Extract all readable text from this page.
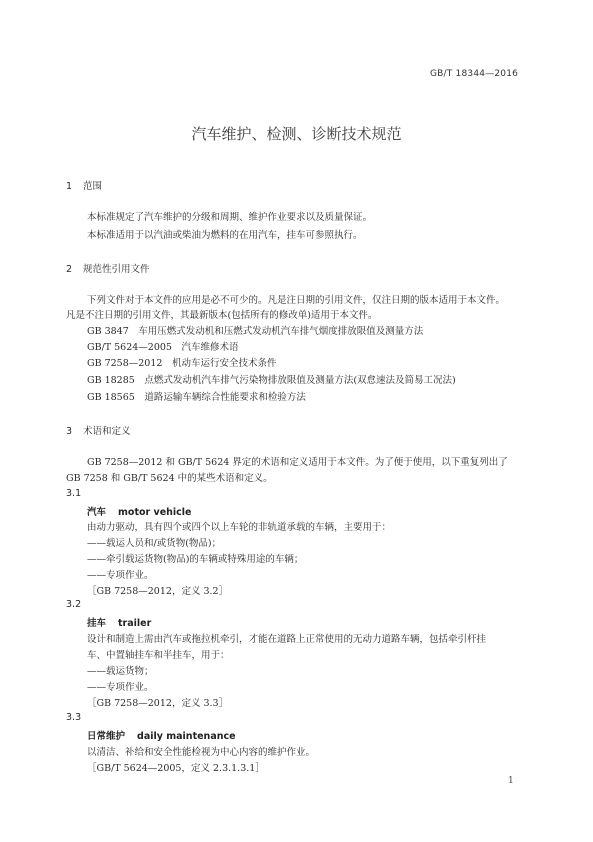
GB/T 18344—2016
汽车维护、检测、诊断技术规范
1 范围
本标准规定了汽车维护的分级和周期、维护作业要求以及质量保证。
本标准适用于以汽油或柴油为燃料的在用汽车，挂车可参照执行。
2 规范性引用文件
下列文件对于本文件的应用是必不可少的。凡是注日期的引用文件，仅注日期的版本适用于本文件。
凡是不注日期的引用文件，其最新版本(包括所有的修改单)适用于本文件。
GB 3847  车用压燃式发动机和压燃式发动机汽车排气烟度排放限值及测量方法
GB/T 5624—2005  汽车维修术语
GB 7258—2012  机动车运行安全技术条件
GB 18285  点燃式发动机汽车排气污染物排放限值及测量方法(双怠速法及简易工况法)
GB 18565  道路运输车辆综合性能要求和检验方法
3 术语和定义
GB 7258—2012 和 GB/T 5624 界定的术语和定义适用于本文件。为了便于使用，以下重复列出了
GB 7258 和 GB/T 5624 中的某些术语和定义。
3.1
汽车 motor vehicle
由动力驱动，具有四个或四个以上车轮的非轨道承载的车辆，主要用于：
——载运人员和/或货物(物品)；
——牵引载运货物(物品)的车辆或特殊用途的车辆；
——专项作业。
［GB 7258—2012，定义 3.2］
3.2
挂车 trailer
设计和制造上需由汽车或拖拉机牵引，才能在道路上正常使用的无动力道路车辆，包括牵引杆挂
车、中置轴挂车和半挂车，用于：
——载运货物；
——专项作业。
［GB 7258—2012，定义 3.3］
3.3
日常维护 daily maintenance
以清洁、补给和安全性能检视为中心内容的维护作业。
［GB/T 5624—2005，定义 2.3.1.3.1］
1
